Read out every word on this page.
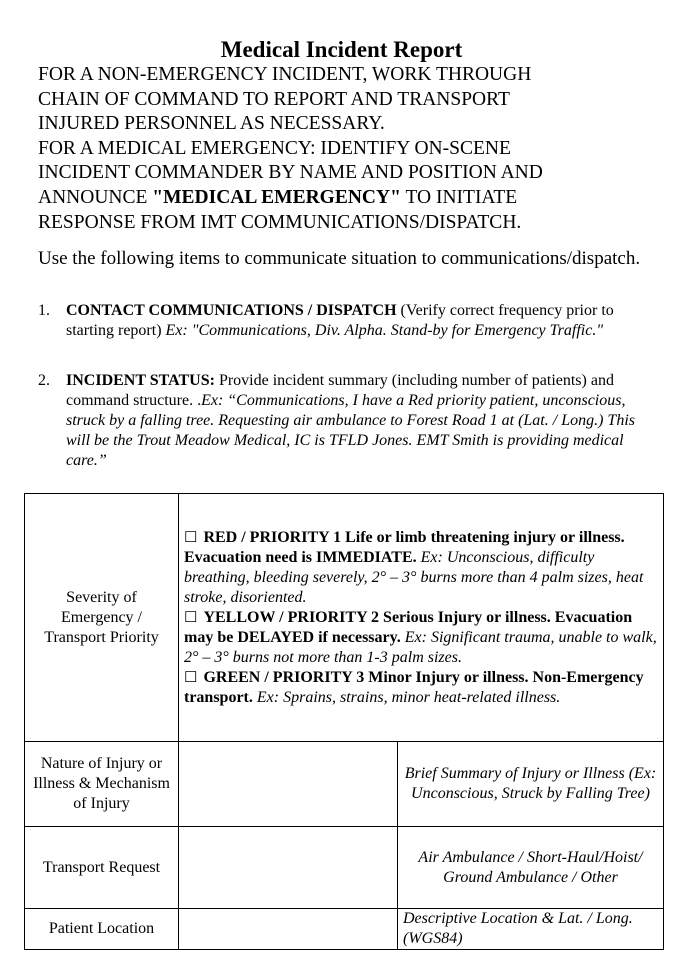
Medical Incident Report

FOR A NON-EMERGENCY INCIDENT, WORK THROUGH

CHAIN OF COMMAND TO REPORT AND TRANSPORT

INJURED PERSONNEL AS NECESSARY.

FOR A MEDICAL EMERGENCY: IDENTIFY ON-SCENE

INCIDENT COMMANDER BY NAME AND POSITION AND

ANNOUNCE "MEDICAL EMERGENCY" TO INITIATE

RESPONSE FROM IMT COMMUNICATIONS/DISPATCH.

Use the following items to communicate situation to communications/dispatch.

1. CONTACT COMMUNICATIONS / DISPATCH (Verify correct frequency prior to starting report) Ex: "Communications, Div. Alpha. Stand-by for Emergency Traffic."
2. INCIDENT STATUS: Provide incident summary (including number of patients) and command structure. .Ex: “Communications, I have a Red priority patient, unconscious, struck by a falling tree. Requesting air ambulance to Forest Road 1 at (Lat. / Long.) This will be the Trout Meadow Medical, IC is TFLD Jones. EMT Smith is providing medical care.”
Severity of Emergency / Transport Priority	☐ RED / PRIORITY 1 Life or limb threatening injury or illness. Evacuation need is IMMEDIATE. Ex: Unconscious, difficulty breathing, bleeding severely, 2° – 3° burns more than 4 palm sizes, heat stroke, disoriented.
☐ YELLOW / PRIORITY 2 Serious Injury or illness. Evacuation may be DELAYED if necessary. Ex: Significant trauma, unable to walk, 2° – 3° burns not more than 1-3 palm sizes.
☐ GREEN / PRIORITY 3 Minor Injury or illness. Non-Emergency transport. Ex: Sprains, strains, minor heat-related illness.	

Nature of Injury or Illness & Mechanism of Injury		Brief Summary of Injury or Illness (Ex: Unconscious, Struck by Falling Tree)
Transport Request		Air Ambulance / Short-Haul/Hoist/ Ground Ambulance / Other
Patient Location		Descriptive Location & Lat. / Long. (WGS84)
